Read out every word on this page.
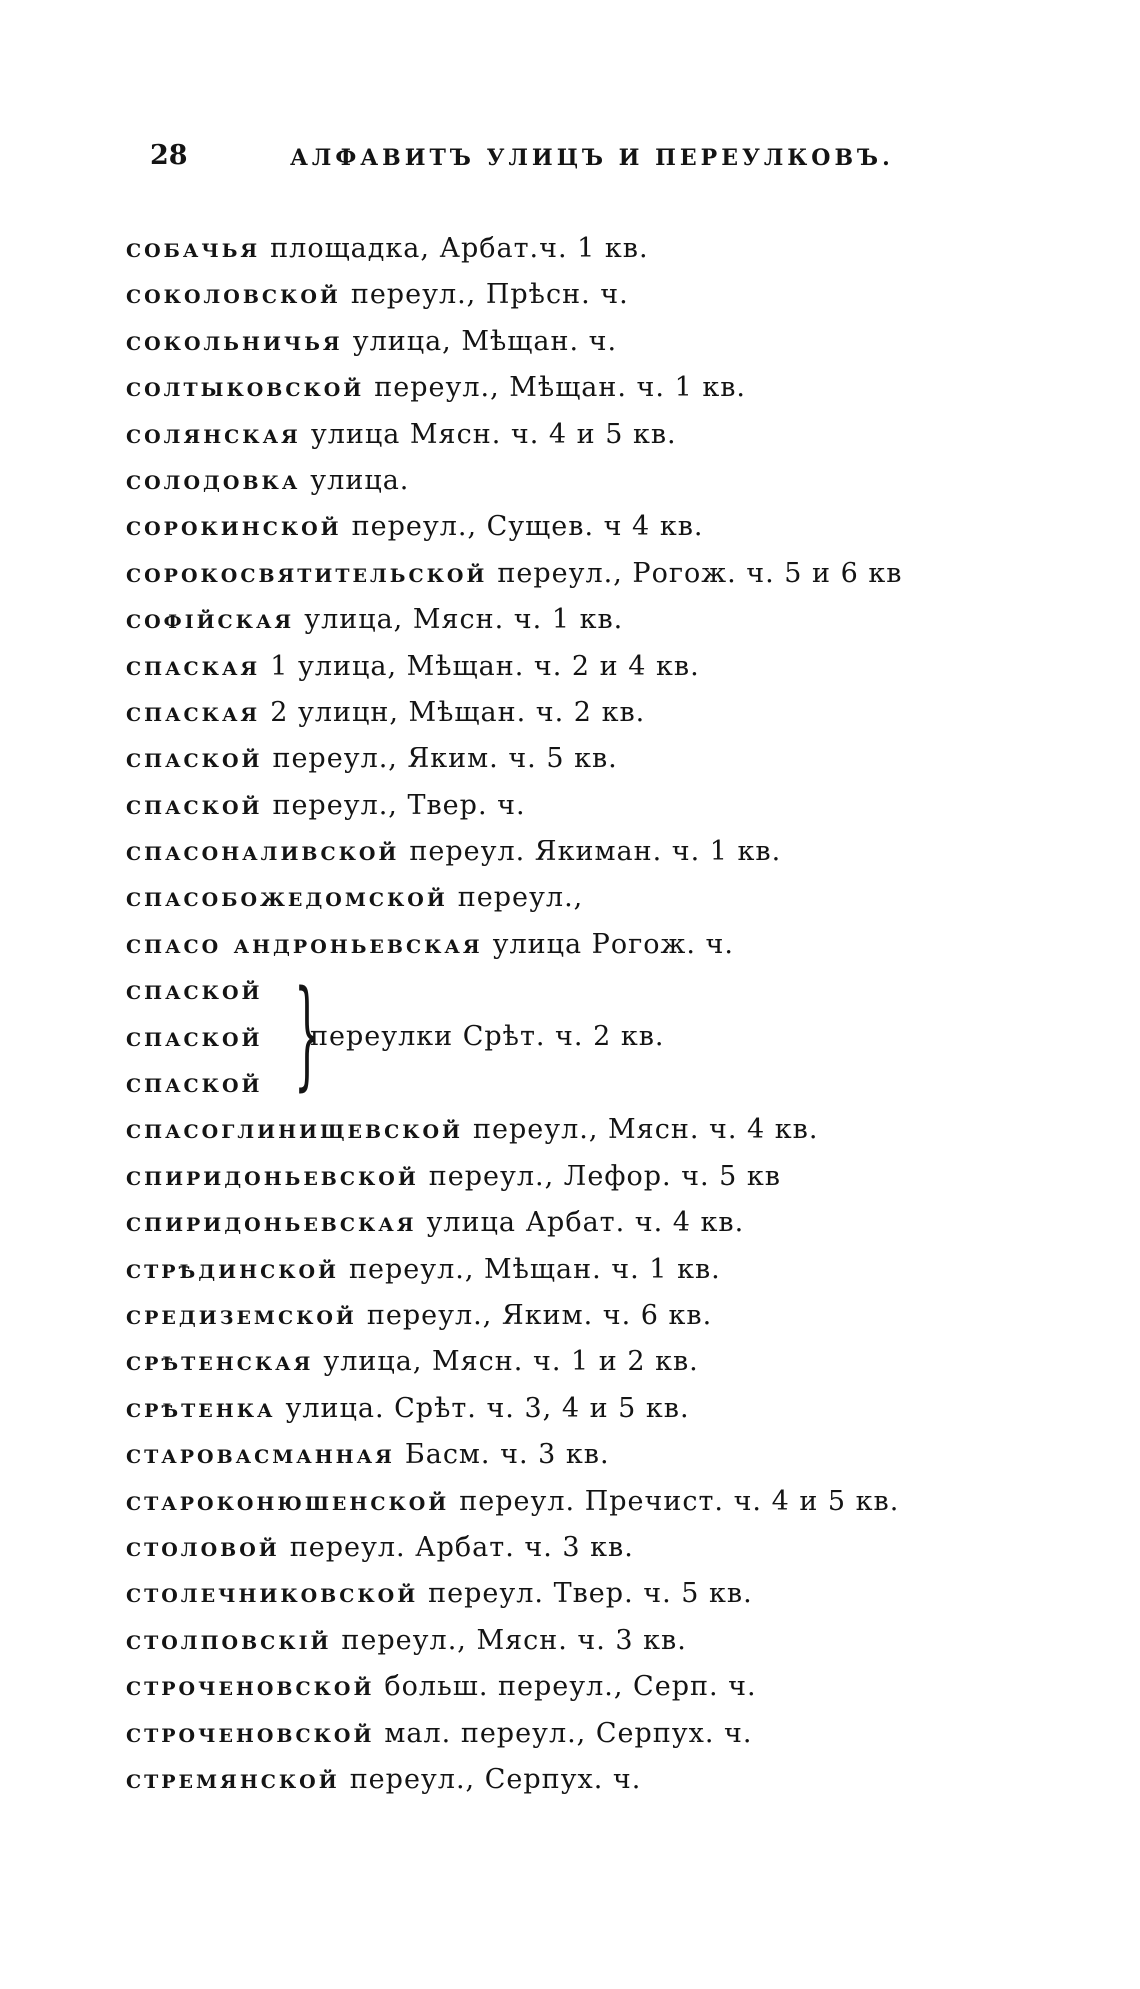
28	АЛФАВИТЪ УЛИЦЪ И ПЕРЕУЛКОВЪ.
собачья площадка, Арбат.ч. 1 кв.
соколовской переул., Прѣсн. ч.
сокольничья улица, Мѣщан. ч.
солтыковской переул., Мѣщан. ч. 1 кв.
солянская улица Мясн. ч. 4 и 5 кв.
солодовка улица.
сорокинской переул., Сущев. ч 4 кв.
сорокосвятительской переул., Рогож. ч. 5 и 6 кв
софійская улица, Мясн. ч. 1 кв.
спаская 1 улица, Мѣщан. ч. 2 и 4 кв.
спаская 2 улицн, Мѣщан. ч. 2 кв.
спаской переул., Яким. ч. 5 кв.
спаской переул., Твер. ч.
спасоналивской переул. Якиман. ч. 1 кв.
спасобожедомской переул.,
спасо андроньевская улица Рогож. ч.
спаской
спаской
спаской }
переулки Срѣт. ч. 2 кв.
спасоглинищевской переул., Мясн. ч. 4 кв.
спиридоньевской переул., Лефор. ч. 5 кв
спиридоньевская улица Арбат. ч. 4 кв.
стрѣдинской переул., Мѣщан. ч. 1 кв.
средиземской переул., Яким. ч. 6 кв.
срѣтенская улица, Мясн. ч. 1 и 2 кв.
срѣтенка улица. Срѣт. ч. 3, 4 и 5 кв.
старовасманная Басм. ч. 3 кв.
староконюшенской переул. Пречист. ч. 4 и 5 кв.
столовой переул. Арбат. ч. 3 кв.
столечниковской переул. Твер. ч. 5 кв.
столповскій переул., Мясн. ч. 3 кв.
строченовской больш. переул., Серп. ч.
строченовской мал. переул., Серпух. ч.
стремянской переул., Серпух. ч.
